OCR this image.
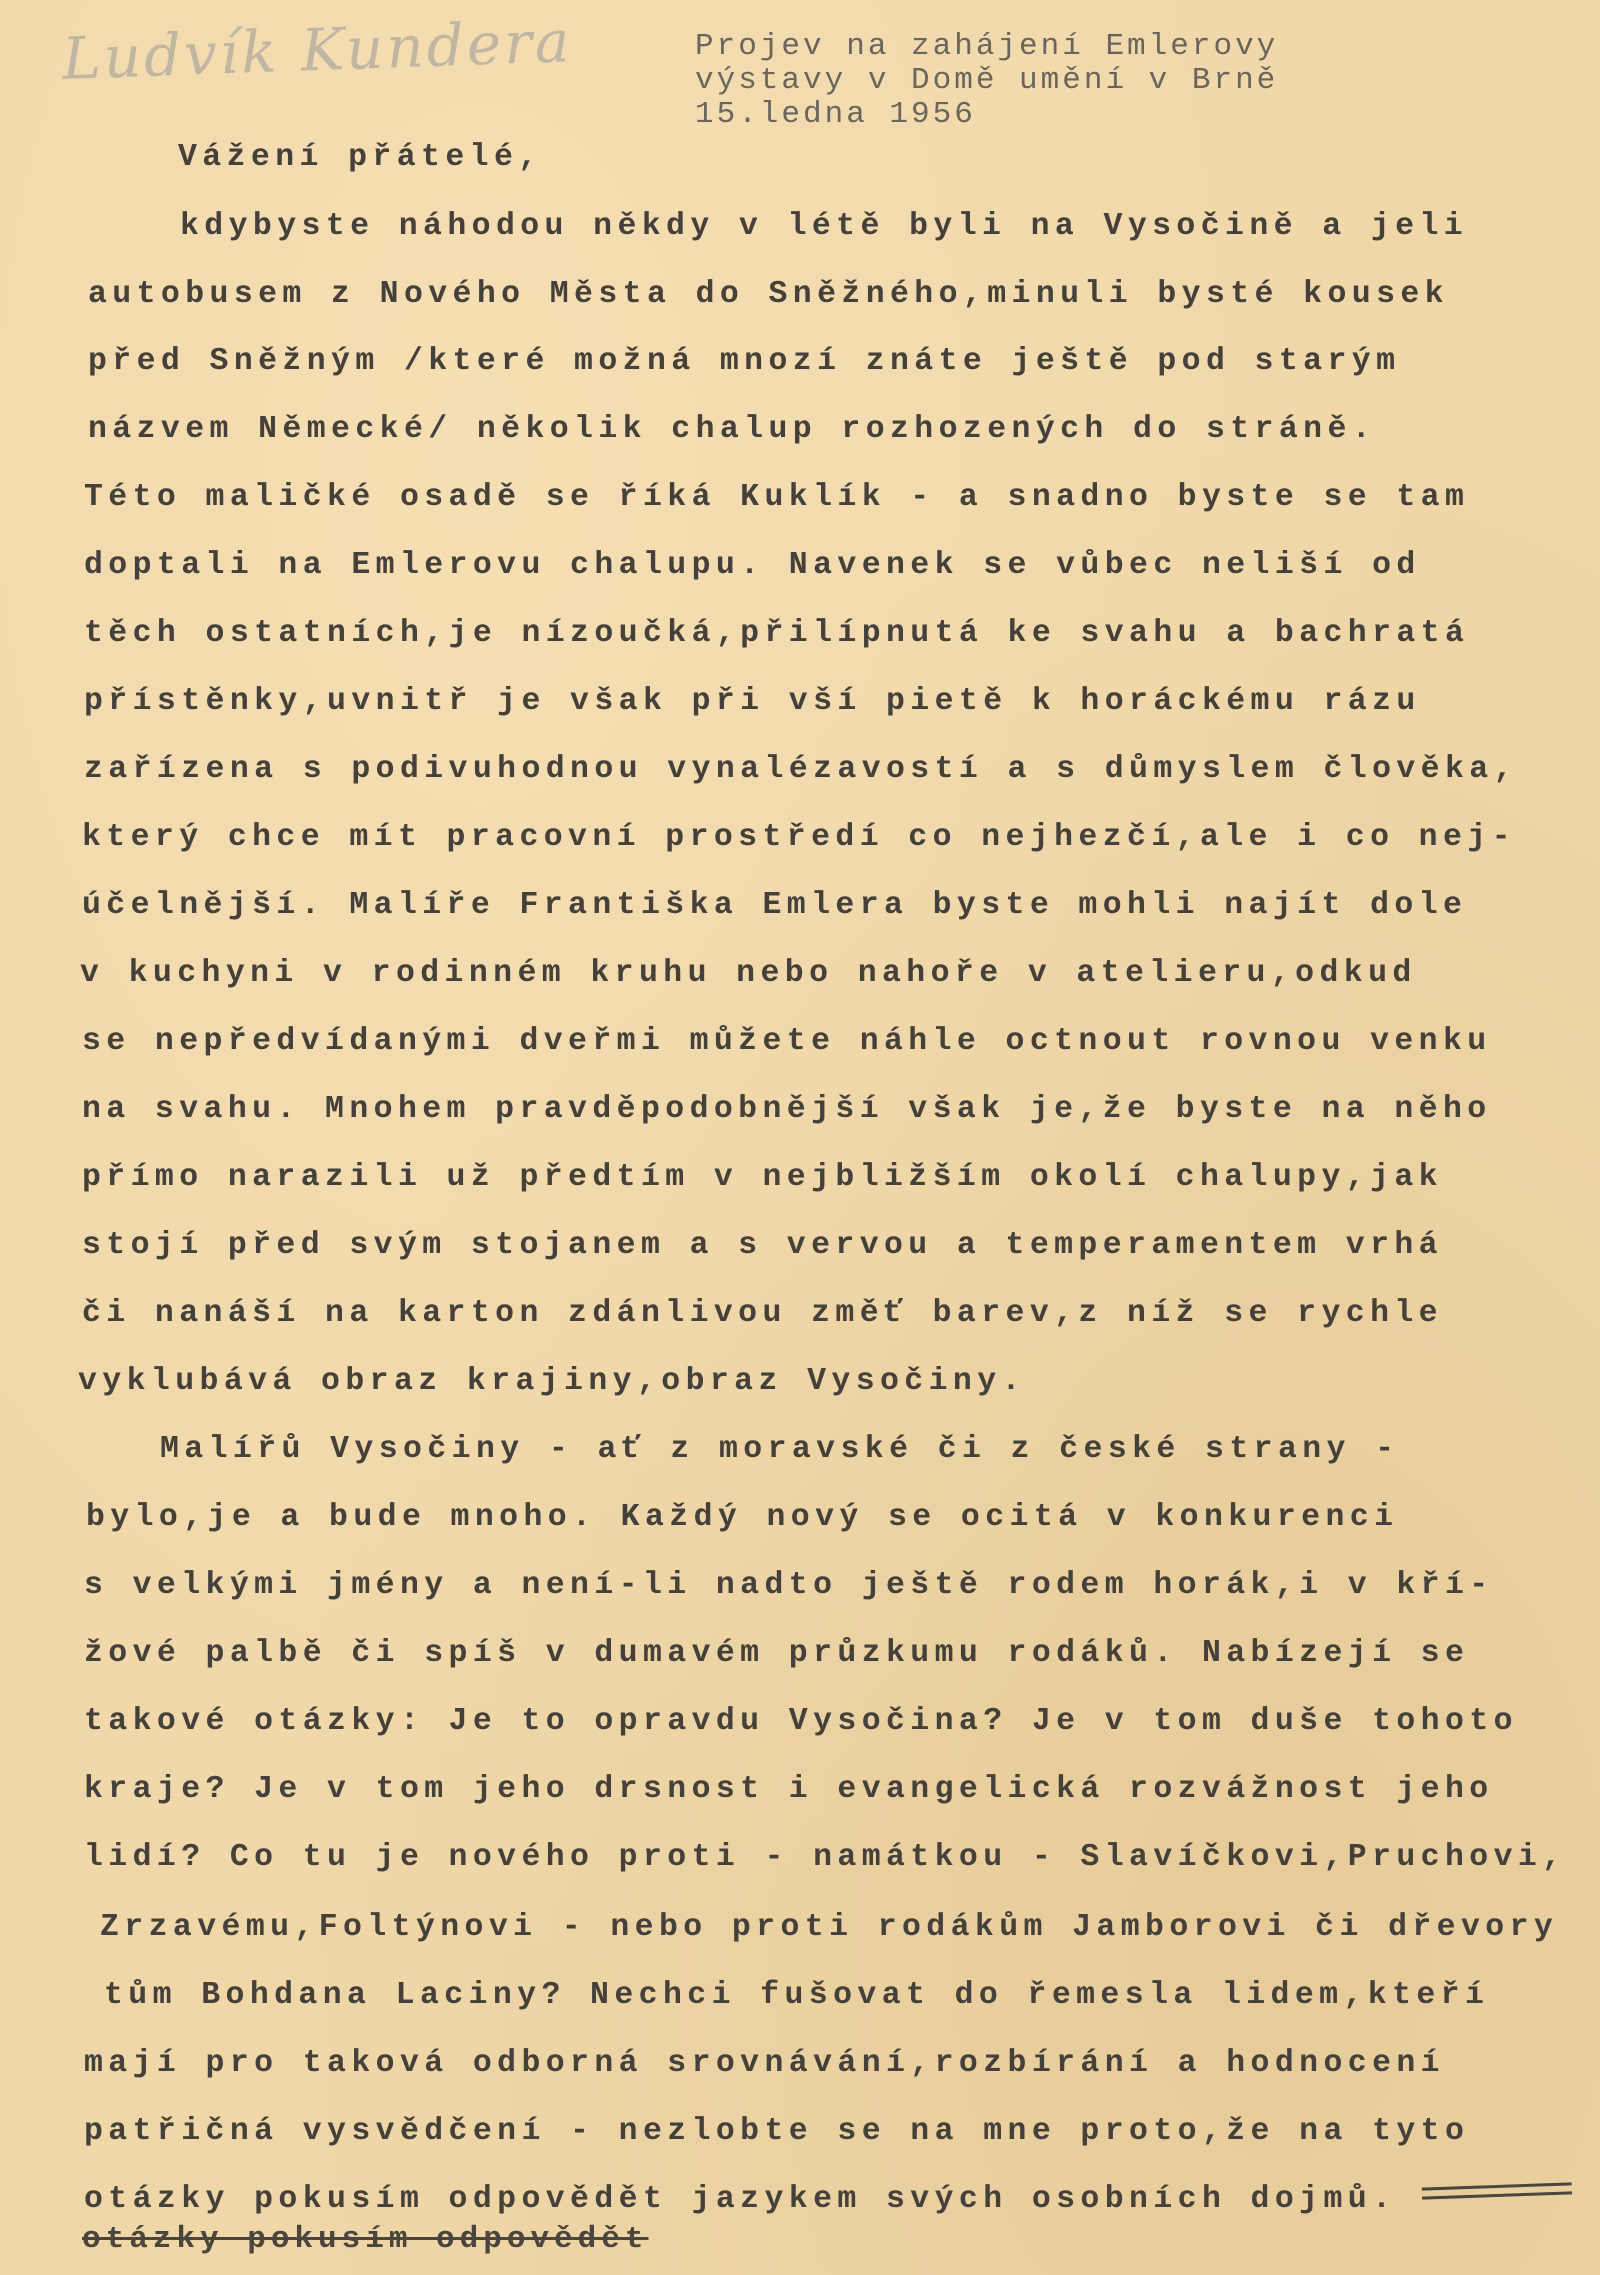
Ludvík Kundera	Projev na zahájení Emlerovy
výstavy v Domě umění v Brně
15.ledna 1956
Vážení přátelé,
kdybyste náhodou někdy v létě byli na Vysočině a jeli
autobusem z Nového Města do Sněžného,minuli bysté kousek
před Sněžným /které možná mnozí znáte ještě pod starým
názvem Německé/ několik chalup rozhozených do stráně.
Této maličké osadě se říká Kuklík - a snadno byste se tam
doptali na Emlerovu chalupu. Navenek se vůbec neliší od
těch ostatních,je nízoučká,přilípnutá ke svahu a bachratá
přístěnky,uvnitř je však při vší pietě k horáckému rázu
zařízena s podivuhodnou vynalézavostí a s důmyslem člověka,
který chce mít pracovní prostředí co nejhezčí,ale i co nej-
účelnější. Malíře Františka Emlera byste mohli najít dole
v kuchyni v rodinném kruhu nebo nahoře v atelieru,odkud
se nepředvídanými dveřmi můžete náhle octnout rovnou venku
na svahu. Mnohem pravděpodobnější však je,že byste na něho
přímo narazili už předtím v nejbližším okolí chalupy,jak
stojí před svým stojanem a s vervou a temperamentem vrhá
či nanáší na karton zdánlivou změť barev,z níž se rychle
vyklubává obraz krajiny,obraz Vysočiny.
Malířů Vysočiny - ať z moravské či z české strany -
bylo,je a bude mnoho. Každý nový se ocitá v konkurenci
s velkými jmény a není-li nadto ještě rodem horák,i v kří-
žové palbě či spíš v dumavém průzkumu rodáků. Nabízejí se
takové otázky: Je to opravdu Vysočina? Je v tom duše tohoto
kraje? Je v tom jeho drsnost i evangelická rozvážnost jeho
lidí? Co tu je nového proti - namátkou - Slavíčkovi,Pruchovi,
Zrzavému,Foltýnovi - nebo proti rodákům Jamborovi či dřevory
tům Bohdana Laciny? Nechci fušovat do řemesla lidem,kteří
mají pro taková odborná srovnávání,rozbírání a hodnocení
patřičná vysvědčení - nezlobte se na mne proto,že na tyto
otázky pokusím odpovědět jazykem svých osobních dojmů.
otázky pokusím odpovědět
